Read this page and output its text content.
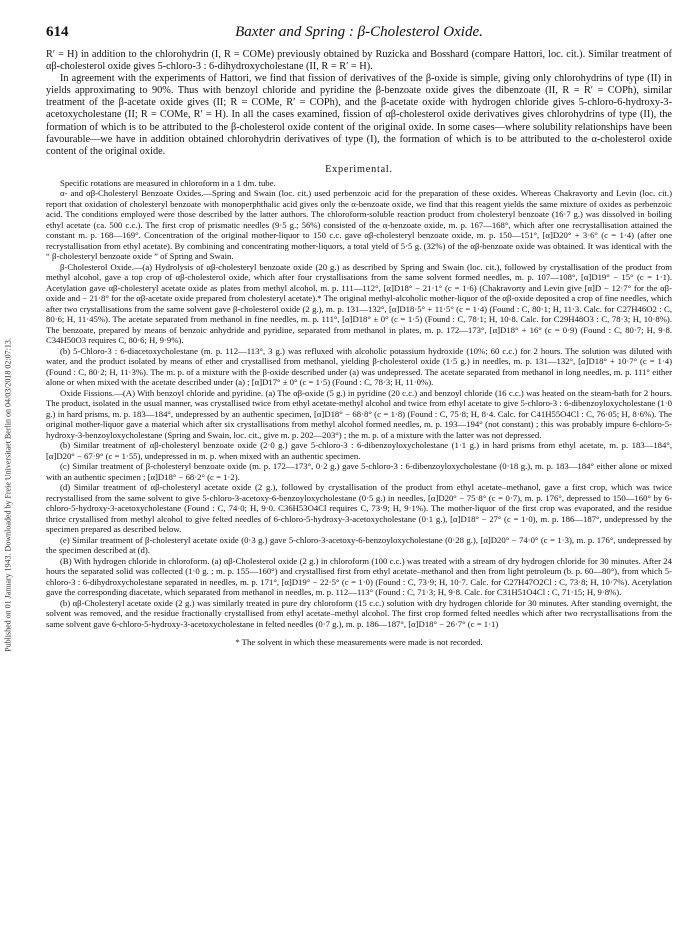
Published on 01 January 1943. Downloaded by Freie Universitaet Berlin on 04/03/2018 02:07:13.
614	Baxter and Spring : β-Cholesterol Oxide.

R′ = H) in addition to the chlorohydrin (I, R = COMe) previously obtained by Ruzicka and Bosshard (compare Hattori, loc. cit.). Similar treatment of αβ-cholesterol oxide gives 5-chloro-3 : 6-dihydroxycholestane (II, R = R′ = H).

In agreement with the experiments of Hattori, we find that fission of derivatives of the β-oxide is simple, giving only chlorohydrins of type (II) in yields approximating to 90%. Thus with benzoyl chloride and pyridine the β-benzoate oxide gives the dibenzoate (II, R = R′ = COPh), similar treatment of the β-acetate oxide gives (II; R = COMe, R′ = COPh), and the β-acetate oxide with hydrogen chloride gives 5-chloro-6-hydroxy-3-acetoxycholestane (II; R = COMe, R′ = H). In all the cases examined, fission of αβ-cholesterol oxide derivatives gives chlorohydrins of type (II), the formation of which is to be attributed to the β-cholesterol oxide content of the original oxide. In some cases—where solubility relationships have been favourable—we have in addition obtained chlorohydrin derivatives of type (I), the formation of which is to be attributed to the α-cholesterol oxide content of the original oxide.

Experimental.

Specific rotations are measured in chloroform in a 1 dm. tube.

α- and αβ-Cholesteryl Benzoate Oxides.—Spring and Swain (loc. cit.) used perbenzoic acid for the preparation of these oxides. Whereas Chakravorty and Levin (loc. cit.) report that oxidation of cholesteryl benzoate with monoperphthalic acid gives only the α-benzoate oxide, we find that this reagent yields the same mixture of oxides as perbenzoic acid. The conditions employed were those described by the latter authors. The chloroform-soluble reaction product from cholesteryl benzoate (16·7 g.) was dissolved in boiling ethyl acetate (ca. 500 c.c.). The first crop of prismatic needles (9·5 g.; 56%) consisted of the α-benzoate oxide, m. p. 167—168°, which after one recrystallisation attained the constant m. p. 168—169°. Concentration of the original mother-liquor to 150 c.c. gave αβ-cholesteryl benzoate oxide, m. p. 150—151°, [α]D20° + 3·6° (c = 1·4) (after one recrystallisation from ethyl acetate). By combining and concentrating mother-liquors, a total yield of 5·5 g. (32%) of the αβ-benzoate oxide was obtained. It was identical with the “ β-cholesteryl benzoate oxide ” of Spring and Swain.

β-Cholesterol Oxide.—(a) Hydrolysis of αβ-cholesteryl benzoate oxide (20 g.) as described by Spring and Swain (loc. cit.), followed by crystallisation of the product from methyl alcohol, gave a top crop of αβ-cholesterol oxide, which after four crystallisations from the same solvent formed needles, m. p. 107—108°, [α]D19° − 15° (c = 1·1). Acetylation gave αβ-cholesteryl acetate oxide as plates from methyl alcohol, m. p. 111—112°, [α]D18° − 21·1° (c = 1·6) (Chakravorty and Levin give [α]D − 12·7° for the αβ-oxide and − 21·8° for the αβ-acetate oxide prepared from cholesteryl acetate).* The original methyl-alcoholic mother-liquor of the αβ-oxide deposited a crop of fine needles, which after two crystallisations from the same solvent gave β-cholesterol oxide (2 g.), m. p. 131—132°, [α]D18·5° + 11·5° (c = 1·4) (Found : C, 80·1; H, 11·3. Calc. for C27H46O2 : C, 80·6; H, 11·45%). The acetate separated from methanol in fine needles, m. p. 111°, [α]D18° ± 0° (c = 1·5) (Found : C, 78·1; H, 10·8. Calc. for C29H48O3 : C, 78·3; H, 10·8%). The benzoate, prepared by means of benzoic anhydride and pyridine, separated from methanol in plates, m. p. 172—173°, [α]D18° + 16° (c = 0·9) (Found : C, 80·7; H, 9·8. C34H50O3 requires C, 80·6; H, 9·9%).

(b) 5-Chloro-3 : 6-diacetoxycholestane (m. p. 112—113°, 3 g.) was refluxed with alcoholic potassium hydroxide (10%; 60 c.c.) for 2 hours. The solution was diluted with water, and the product isolated by means of ether and crystallised from methanol, yielding β-cholesterol oxide (1·5 g.) in needles, m. p. 131—132°, [α]D18° + 10·7° (c = 1·4) (Found : C, 80·2; H, 11·3%). The m. p. of a mixture with the β-oxide described under (a) was undepressed. The acetate separated from methanol in long needles, m. p. 111° either alone or when mixed with the acetate described under (a) ; [α]D17° ± 0° (c = 1·5) (Found : C, 78·3; H, 11·0%).

Oxide Fissions.—(A) With benzoyl chloride and pyridine. (a) The αβ-oxide (5 g.) in pyridine (20 c.c.) and benzoyl chloride (16 c.c.) was heated on the steam-bath for 2 hours. The product, isolated in the usual manner, was crystallised twice from ethyl acetate-methyl alcohol and twice from ethyl acetate to give 5-chloro-3 : 6-dibenzoyloxycholestane (1·0 g.) in hard prisms, m. p. 183—184°, undepressed by an authentic specimen, [α]D18° − 68·8° (c = 1·8) (Found : C, 75·8; H, 8·4. Calc. for C41H55O4Cl : C, 76·05; H, 8·6%). The original mother-liquor gave a material which after six crystallisations from methyl alcohol formed needles, m. p. 193—194° (not constant) ; this was probably impure 6-chloro-5-hydroxy-3-benzoyloxycholestane (Spring and Swain, loc. cit., give m. p. 202—203°) ; the m. p. of a mixture with the latter was not depressed.

(b) Similar treatment of αβ-cholesteryl benzoate oxide (2·0 g.) gave 5-chloro-3 : 6-dibenzoyloxycholestane (1·1 g.) in hard prisms from ethyl acetate, m. p. 183—184°, [α]D20° − 67·9° (c = 1·55), undepressed in m. p. when mixed with an authentic specimen.

(c) Similar treatment of β-cholesteryl benzoate oxide (m. p. 172—173°, 0·2 g.) gave 5-chloro-3 : 6-dibenzoyloxycholestane (0·18 g.), m. p. 183—184° either alone or mixed with an authentic specimen ; [α]D18° − 68·2° (c = 1·2).

(d) Similar treatment of αβ-cholesteryl acetate oxide (2 g.), followed by crystallisation of the product from ethyl acetate–methanol, gave a first crop, which was twice recrystallised from the same solvent to give 5-chloro-3-acetoxy-6-benzoyloxycholestane (0·5 g.) in needles, [α]D20° − 75·8° (c = 0·7), m. p. 176°, depressed to 150—160° by 6-chloro-5-hydroxy-3-acetoxycholestane (Found : C, 74·0; H, 9·0. C36H53O4Cl requires C, 73·9; H, 9·1%). The mother-liquor of the first crop was evaporated, and the residue thrice crystallised from methyl alcohol to give felted needles of 6-chloro-5-hydroxy-3-acetoxycholestane (0·1 g.), [α]D18° − 27° (c = 1·0), m. p. 186—187°, undepressed by the specimen prepared as described below.

(e) Similar treatment of β-cholesteryl acetate oxide (0·3 g.) gave 5-chloro-3-acetoxy-6-benzoyloxycholestane (0·28 g.), [α]D20° − 74·0° (c = 1·3), m. p. 176°, undepressed by the specimen described at (d).

(B) With hydrogen chloride in chloroform. (a) αβ-Cholesterol oxide (2 g.) in chloroform (100 c.c.) was treated with a stream of dry hydrogen chloride for 30 minutes. After 24 hours the separated solid was collected (1·0 g. ; m. p. 155—160°) and crystallised first from ethyl acetate–methanol and then from light petroleum (b. p. 60—80°), from which 5-chloro-3 : 6-dihydroxycholestane separated in needles, m. p. 171°, [α]D19° − 22·5° (c = 1·0) (Found : C, 73·9; H, 10·7. Calc. for C27H47O2Cl : C, 73·8; H, 10·7%). Acetylation gave the corresponding diacetate, which separated from methanol in needles, m. p. 112—113° (Found : C, 71·3; H, 9·8. Calc. for C31H51O4Cl : C, 71·15; H, 9·8%).

(b) αβ-Cholesteryl acetate oxide (2 g.) was similarly treated in pure dry chloroform (15 c.c.) solution with dry hydrogen chloride for 30 minutes. After standing overnight, the solvent was removed, and the residue fractionally crystallised from ethyl acetate–methyl alcohol. The first crop formed felted needles which after two recrystallisations from the same solvent gave 6-chloro-5-hydroxy-3-acetoxycholestane in felted needles (0·7 g.), m. p. 186—187°, [α]D18° − 26·7° (c = 1·1)

* The solvent in which these measurements were made is not recorded.
